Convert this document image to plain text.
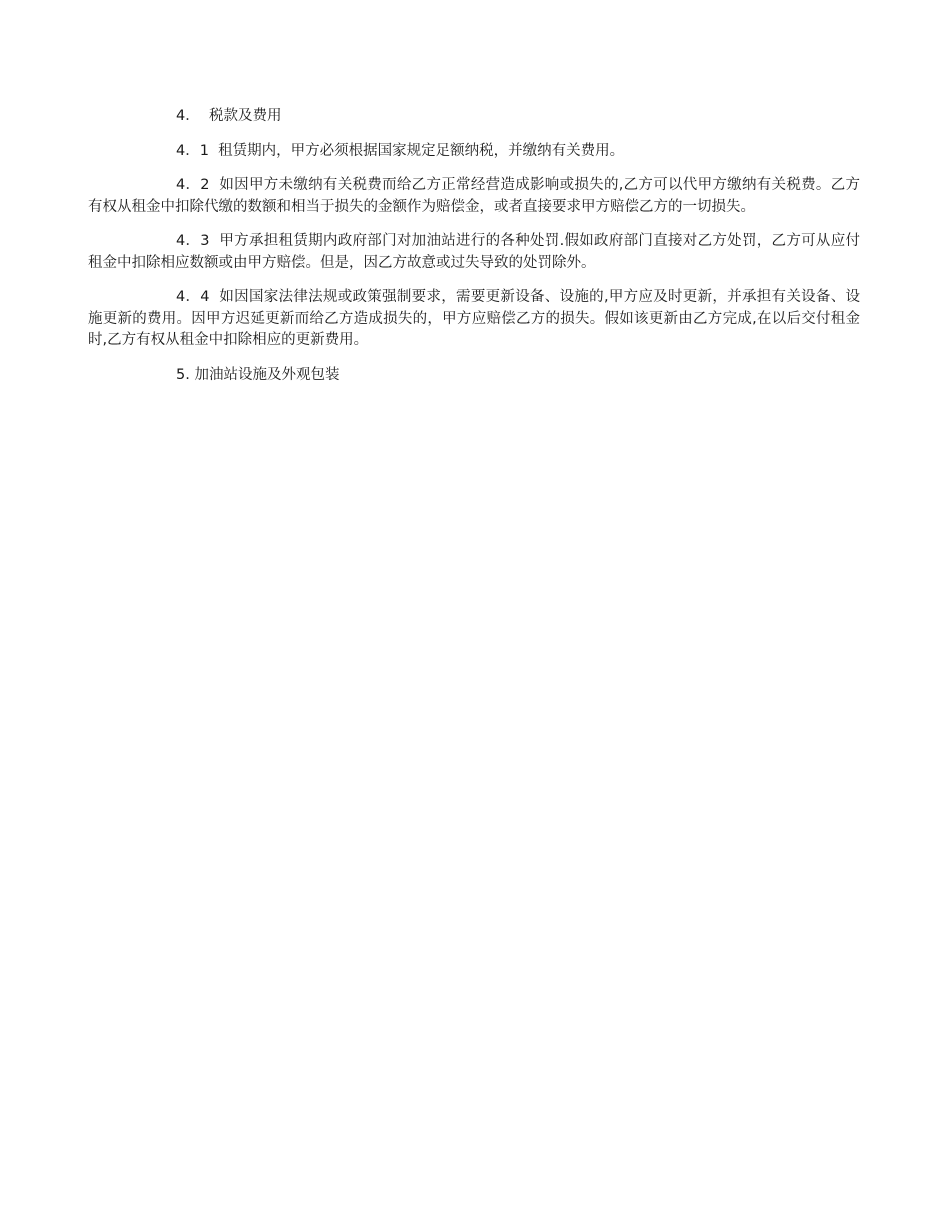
4． 税款及费用

4．1 租赁期内，甲方必须根据国家规定足额纳税，并缴纳有关费用。

4．2 如因甲方未缴纳有关税费而给乙方正常经营造成影响或损失的,乙方可以代甲方缴纳有关税费。乙方有权从租金中扣除代缴的数额和相当于损失的金额作为赔偿金，或者直接要求甲方赔偿乙方的一切损失。

4．3 甲方承担租赁期内政府部门对加油站进行的各种处罚.假如政府部门直接对乙方处罚，乙方可从应付租金中扣除相应数额或由甲方赔偿。但是，因乙方故意或过失导致的处罚除外。

4．4 如因国家法律法规或政策强制要求，需要更新设备、设施的,甲方应及时更新，并承担有关设备、设施更新的费用。因甲方迟延更新而给乙方造成损失的，甲方应赔偿乙方的损失。假如该更新由乙方完成,在以后交付租金时,乙方有权从租金中扣除相应的更新费用。

5. 加油站设施及外观包装
